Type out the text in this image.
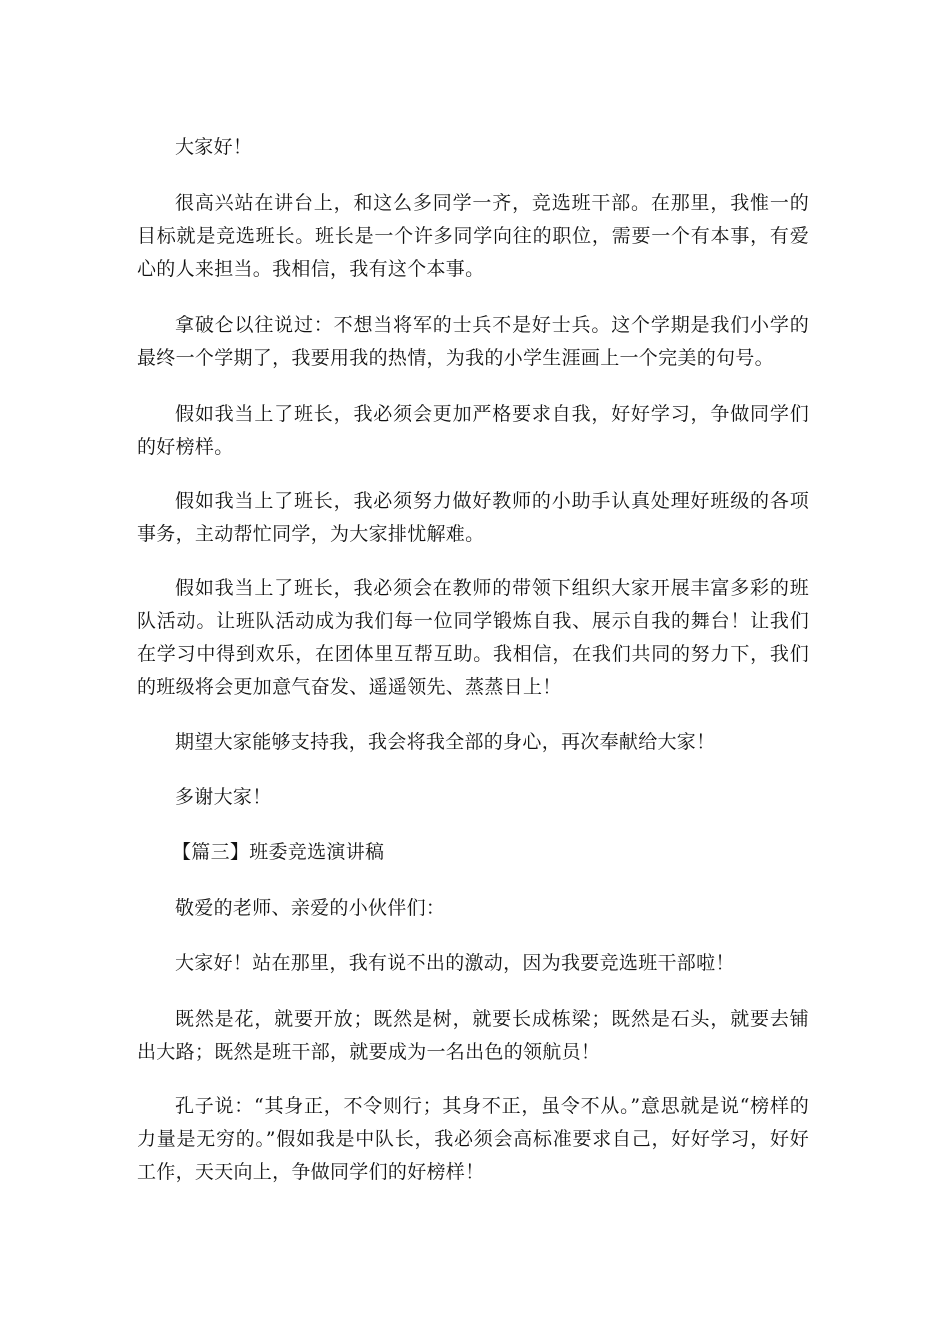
大家好！

很高兴站在讲台上，和这么多同学一齐，竞选班干部。在那里，我惟一的目标就是竞选班长。班长是一个许多同学向往的职位，需要一个有本事，有爱心的人来担当。我相信，我有这个本事。

拿破仑以往说过：不想当将军的士兵不是好士兵。这个学期是我们小学的最终一个学期了，我要用我的热情，为我的小学生涯画上一个完美的句号。

假如我当上了班长，我必须会更加严格要求自我，好好学习，争做同学们的好榜样。

假如我当上了班长，我必须努力做好教师的小助手认真处理好班级的各项事务，主动帮忙同学，为大家排忧解难。

假如我当上了班长，我必须会在教师的带领下组织大家开展丰富多彩的班队活动。让班队活动成为我们每一位同学锻炼自我、展示自我的舞台！让我们在学习中得到欢乐，在团体里互帮互助。我相信，在我们共同的努力下，我们的班级将会更加意气奋发、遥遥领先、蒸蒸日上！

期望大家能够支持我，我会将我全部的身心，再次奉献给大家！

多谢大家！

【篇三】班委竞选演讲稿

敬爱的老师、亲爱的小伙伴们：

大家好！站在那里，我有说不出的激动，因为我要竞选班干部啦！

既然是花，就要开放；既然是树，就要长成栋梁；既然是石头，就要去铺出大路；既然是班干部，就要成为一名出色的领航员！

孔子说：“其身正，不令则行；其身不正，虽令不从。”意思就是说“榜样的力量是无穷的。”假如我是中队长，我必须会高标准要求自己，好好学习，好好工作，天天向上，争做同学们的好榜样！
